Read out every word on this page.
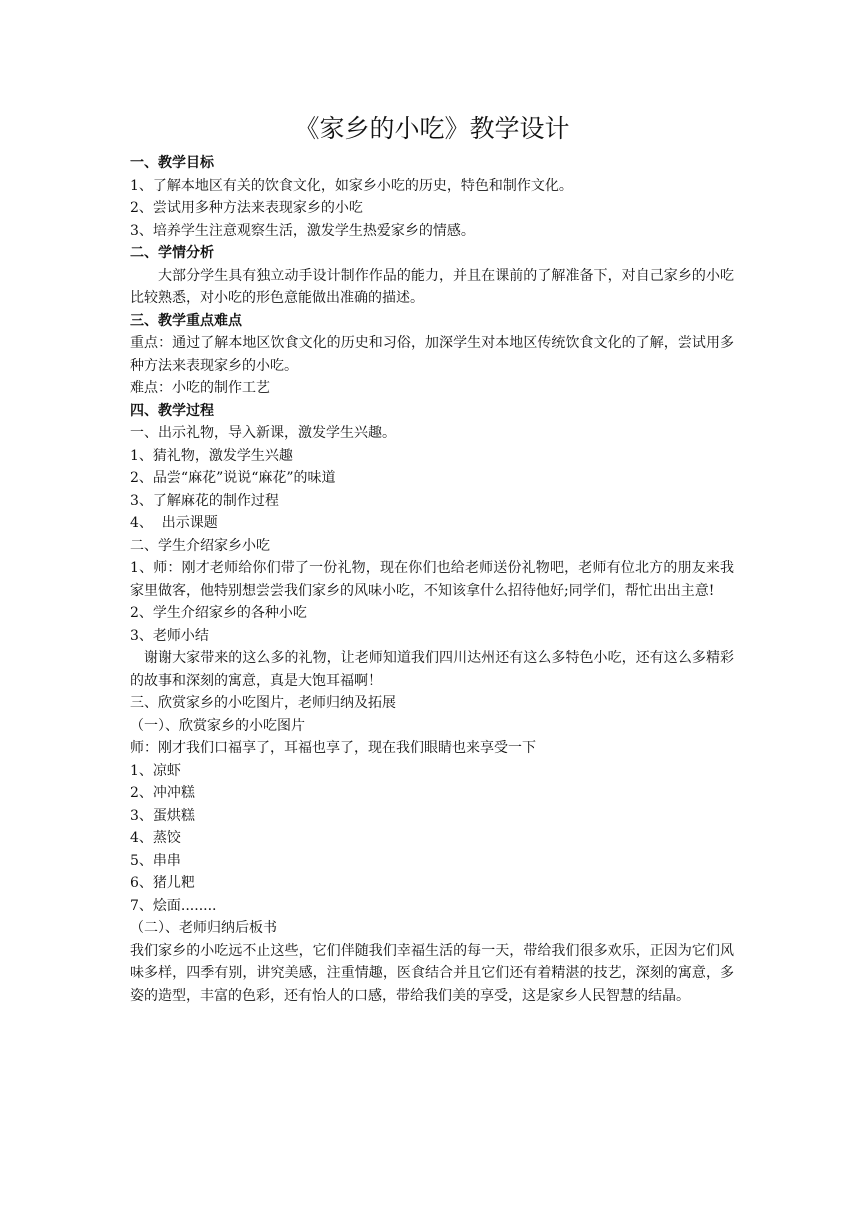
《家乡的小吃》教学设计

一、教学目标

1、了解本地区有关的饮食文化，如家乡小吃的历史，特色和制作文化。

2、尝试用多种方法来表现家乡的小吃

3、培养学生注意观察生活，激发学生热爱家乡的情感。

二、学情分析

大部分学生具有独立动手设计制作作品的能力，并且在课前的了解准备下，对自己家乡的小吃比较熟悉，对小吃的形色意能做出准确的描述。

三、教学重点难点

重点：通过了解本地区饮食文化的历史和习俗，加深学生对本地区传统饮食文化的了解，尝试用多种方法来表现家乡的小吃。

难点：小吃的制作工艺

四、教学过程

一、出示礼物，导入新课，激发学生兴趣。

1、猜礼物，激发学生兴趣

2、品尝“麻花”说说“麻花”的味道

3、了解麻花的制作过程

4、  出示课题

二、学生介绍家乡小吃

1、师：刚才老师给你们带了一份礼物，现在你们也给老师送份礼物吧，老师有位北方的朋友来我家里做客，他特别想尝尝我们家乡的风味小吃，不知该拿什么招待他好;同学们，帮忙出出主意!

2、学生介绍家乡的各种小吃

3、老师小结

谢谢大家带来的这么多的礼物，让老师知道我们四川达州还有这么多特色小吃，还有这么多精彩的故事和深刻的寓意，真是大饱耳福啊！

三、欣赏家乡的小吃图片，老师归纳及拓展

（一）、欣赏家乡的小吃图片

师：刚才我们口福享了，耳福也享了，现在我们眼睛也来享受一下

1、凉虾

2、冲冲糕

3、蛋烘糕

4、蒸饺

5、串串

6、猪儿粑

7、烩面........

（二）、老师归纳后板书

我们家乡的小吃远不止这些，它们伴随我们幸福生活的每一天，带给我们很多欢乐，正因为它们风味多样，四季有别，讲究美感，注重情趣，医食结合并且它们还有着精湛的技艺，深刻的寓意，多姿的造型，丰富的色彩，还有怡人的口感，带给我们美的享受，这是家乡人民智慧的结晶。
